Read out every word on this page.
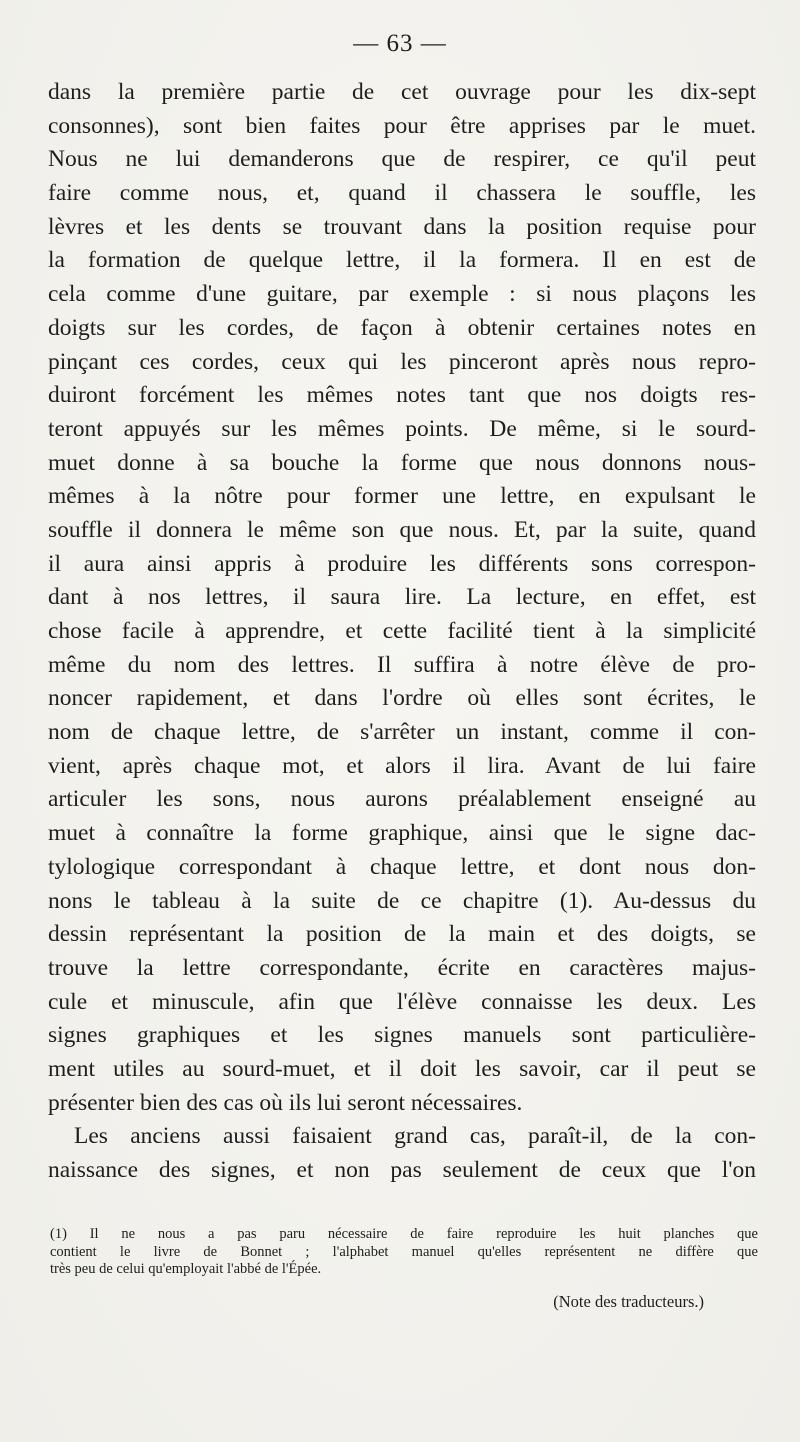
— 63 —
dans la première partie de cet ouvrage pour les dix-sept
consonnes), sont bien faites pour être apprises par le muet.
Nous ne lui demanderons que de respirer, ce qu'il peut
faire comme nous, et, quand il chassera le souffle, les
lèvres et les dents se trouvant dans la position requise pour
la formation de quelque lettre, il la formera. Il en est de
cela comme d'une guitare, par exemple : si nous plaçons les
doigts sur les cordes, de façon à obtenir certaines notes en
pinçant ces cordes, ceux qui les pinceront après nous repro-
duiront forcément les mêmes notes tant que nos doigts res-
teront appuyés sur les mêmes points. De même, si le sourd-
muet donne à sa bouche la forme que nous donnons nous-
mêmes à la nôtre pour former une lettre, en expulsant le
souffle il donnera le même son que nous. Et, par la suite, quand
il aura ainsi appris à produire les différents sons correspon-
dant à nos lettres, il saura lire. La lecture, en effet, est
chose facile à apprendre, et cette facilité tient à la simplicité
même du nom des lettres. Il suffira à notre élève de pro-
noncer rapidement, et dans l'ordre où elles sont écrites, le
nom de chaque lettre, de s'arrêter un instant, comme il con-
vient, après chaque mot, et alors il lira. Avant de lui faire
articuler les sons, nous aurons préalablement enseigné au
muet à connaître la forme graphique, ainsi que le signe dac-
tylologique correspondant à chaque lettre, et dont nous don-
nons le tableau à la suite de ce chapitre (1). Au-dessus du
dessin représentant la position de la main et des doigts, se
trouve la lettre correspondante, écrite en caractères majus-
cule et minuscule, afin que l'élève connaisse les deux. Les
signes graphiques et les signes manuels sont particulière-
ment utiles au sourd-muet, et il doit les savoir, car il peut se
présenter bien des cas où ils lui seront nécessaires.
Les anciens aussi faisaient grand cas, paraît-il, de la con-
naissance des signes, et non pas seulement de ceux que l'on
(1) Il ne nous a pas paru nécessaire de faire reproduire les huit planches que
contient le livre de Bonnet ; l'alphabet manuel qu'elles représentent ne diffère que
très peu de celui qu'employait l'abbé de l'Épée.
(Note des traducteurs.)
